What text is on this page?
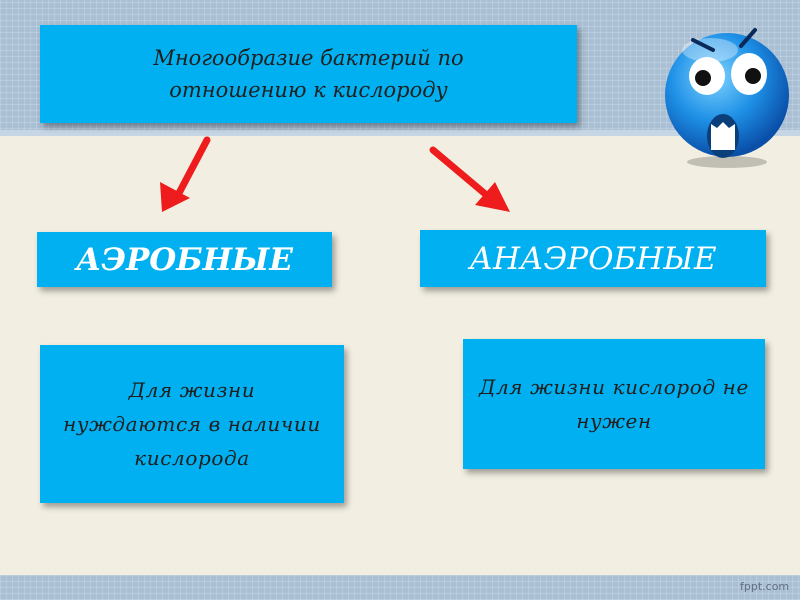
Многообразие бактерий по отношению к кислороду
АЭРОБНЫЕ	АНАЭРОБНЫЕ
Для жизни нуждаются в наличии кислорода
Для жизни кислород не нужен
fppt.com
